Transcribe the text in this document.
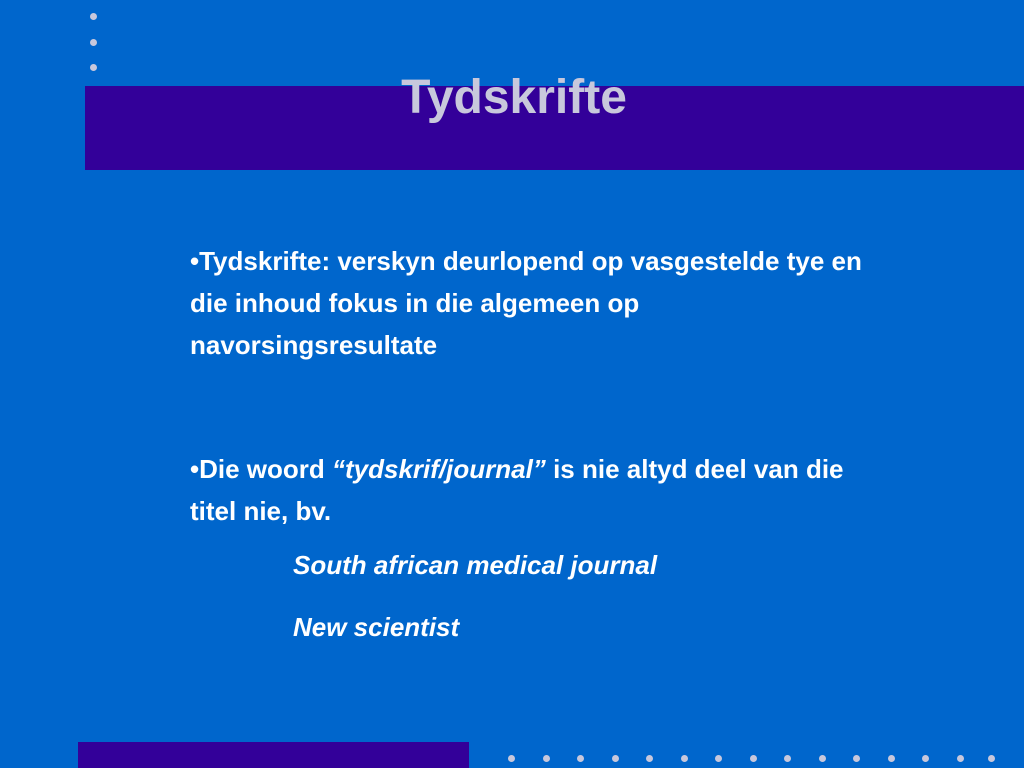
Tydskrifte

•Tydskrifte: verskyn deurlopend op vasgestelde tye en die inhoud fokus in die algemeen op navorsingsresultate

•Die woord “tydskrif/journal” is nie altyd deel van die titel nie, bv.

South african medical journal
New scientist
